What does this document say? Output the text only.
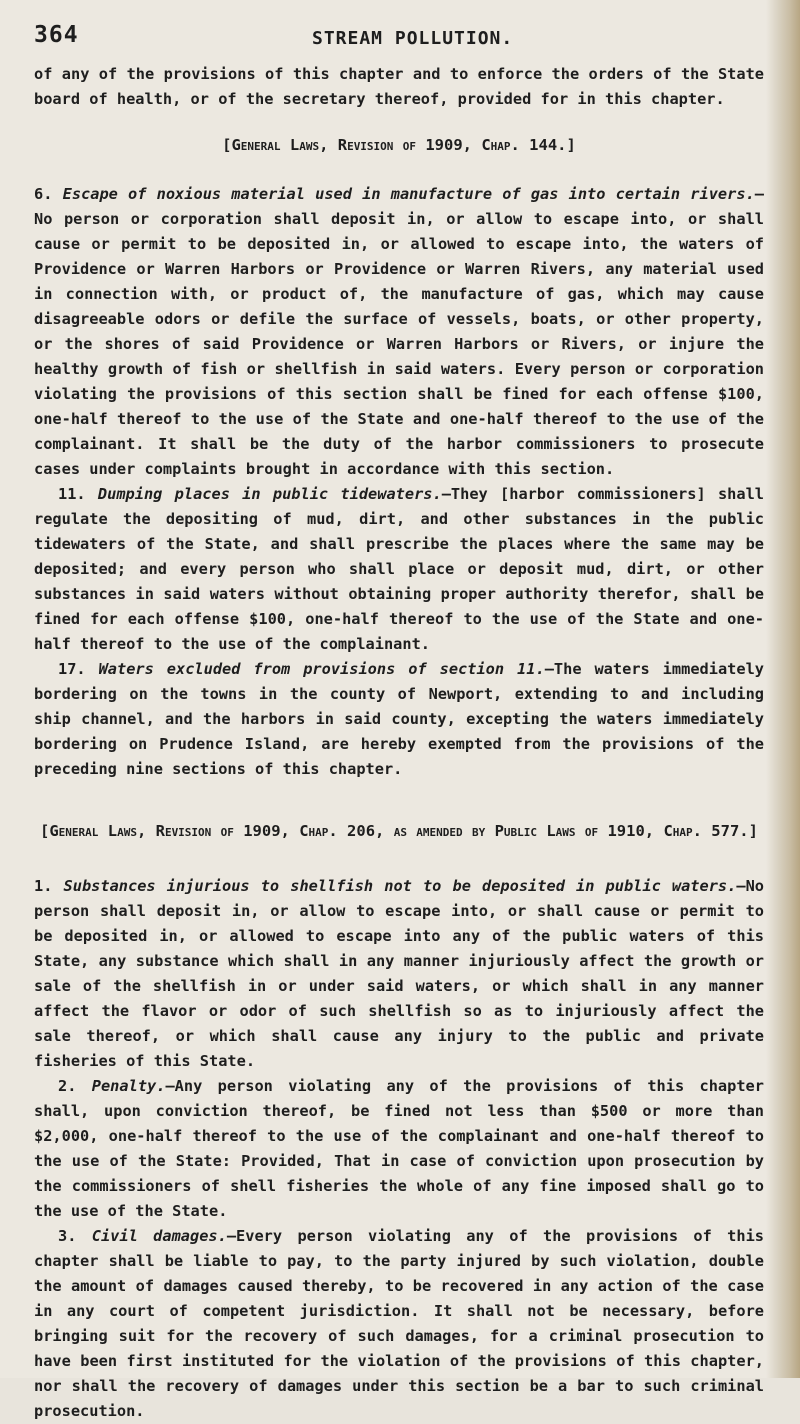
364	STREAM POLLUTION.

of any of the provisions of this chapter and to enforce the orders of the State board of health, or of the secretary thereof, provided for in this chapter.

[General Laws, Revision of 1909, Chap. 144.]

6. Escape of noxious material used in manufacture of gas into certain rivers.—No person or corporation shall deposit in, or allow to escape into, or shall cause or permit to be deposited in, or allowed to escape into, the waters of Providence or Warren Harbors or Providence or Warren Rivers, any material used in connection with, or product of, the manufacture of gas, which may cause disagreeable odors or defile the surface of vessels, boats, or other property, or the shores of said Providence or Warren Harbors or Rivers, or injure the healthy growth of fish or shellfish in said waters. Every person or corporation violating the provisions of this section shall be fined for each offense $100, one-half thereof to the use of the State and one-half thereof to the use of the complainant. It shall be the duty of the harbor commissioners to prosecute cases under complaints brought in accordance with this section.

11. Dumping places in public tidewaters.—They [harbor commissioners] shall regulate the depositing of mud, dirt, and other substances in the public tidewaters of the State, and shall prescribe the places where the same may be deposited; and every person who shall place or deposit mud, dirt, or other substances in said waters without obtaining proper authority therefor, shall be fined for each offense $100, one-half thereof to the use of the State and one-half thereof to the use of the complainant.

17. Waters excluded from provisions of section 11.—The waters immediately bordering on the towns in the county of Newport, extending to and including ship channel, and the harbors in said county, excepting the waters immediately bordering on Prudence Island, are hereby exempted from the provisions of the preceding nine sections of this chapter.

[General Laws, Revision of 1909, Chap. 206, as amended by Public Laws of 1910, Chap. 577.]

1. Substances injurious to shellfish not to be deposited in public waters.—No person shall deposit in, or allow to escape into, or shall cause or permit to be deposited in, or allowed to escape into any of the public waters of this State, any substance which shall in any manner injuriously affect the growth or sale of the shellfish in or under said waters, or which shall in any manner affect the flavor or odor of such shellfish so as to injuriously affect the sale thereof, or which shall cause any injury to the public and private fisheries of this State.

2. Penalty.—Any person violating any of the provisions of this chapter shall, upon conviction thereof, be fined not less than $500 or more than $2,000, one-half thereof to the use of the complainant and one-half thereof to the use of the State: Provided, That in case of conviction upon prosecution by the commissioners of shell fisheries the whole of any fine imposed shall go to the use of the State.

3. Civil damages.—Every person violating any of the provisions of this chapter shall be liable to pay, to the party injured by such violation, double the amount of damages caused thereby, to be recovered in any action of the case in any court of competent jurisdiction. It shall not be necessary, before bringing suit for the recovery of such damages, for a criminal prosecution to have been first instituted for the violation of the provisions of this chapter, nor shall the recovery of damages under this section be a bar to such criminal prosecution.
